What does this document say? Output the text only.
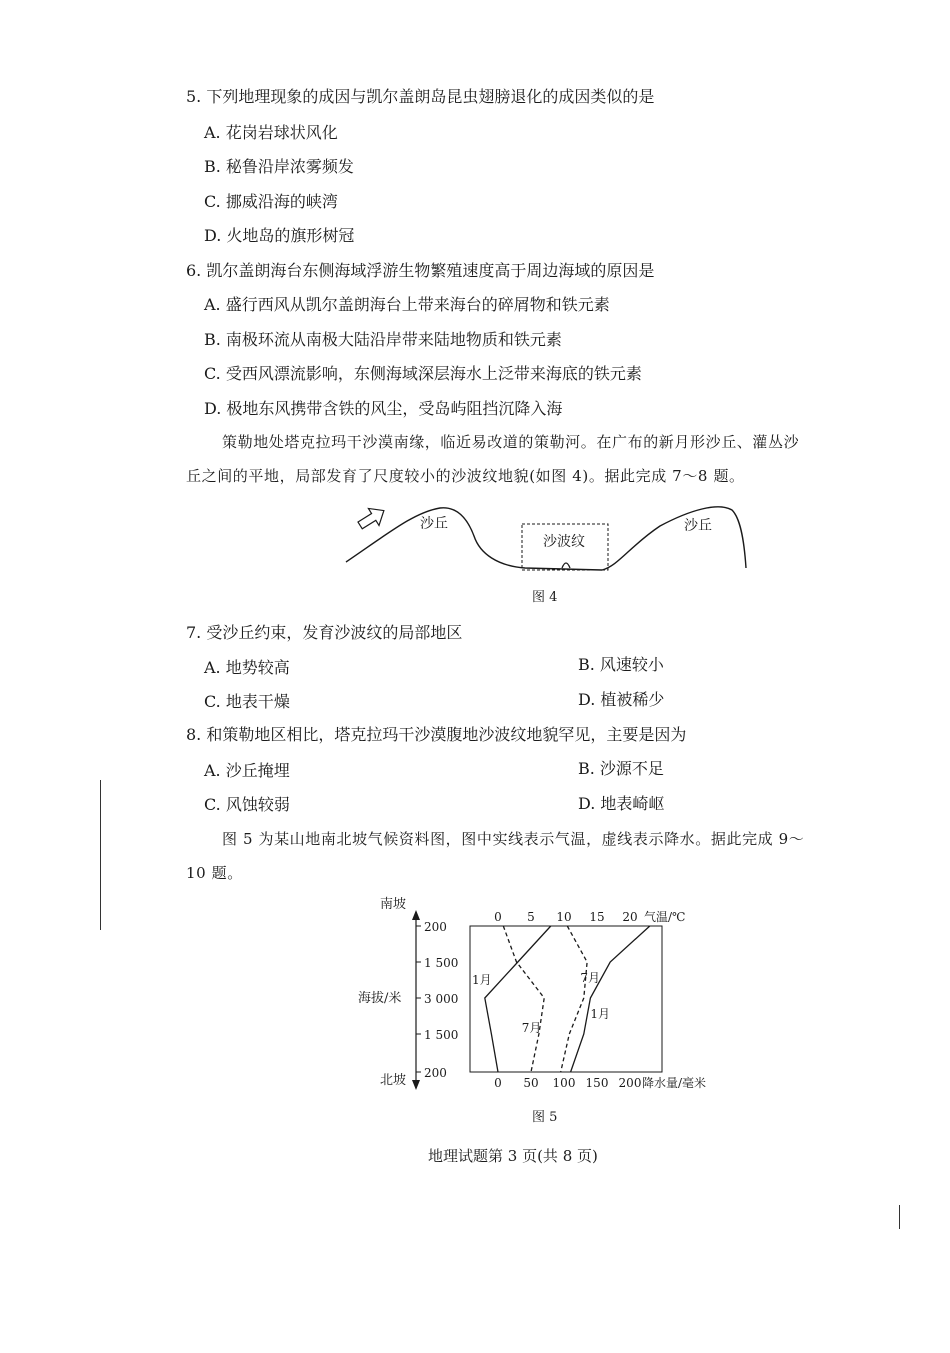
5. 下列地理现象的成因与凯尔盖朗岛昆虫翅膀退化的成因类似的是
A. 花岗岩球状风化
B. 秘鲁沿岸浓雾频发
C. 挪威沿海的峡湾
D. 火地岛的旗形树冠
6. 凯尔盖朗海台东侧海域浮游生物繁殖速度高于周边海域的原因是
A. 盛行西风从凯尔盖朗海台上带来海台的碎屑物和铁元素
B. 南极环流从南极大陆沿岸带来陆地物质和铁元素
C. 受西风漂流影响，东侧海域深层海水上泛带来海底的铁元素
D. 极地东风携带含铁的风尘，受岛屿阻挡沉降入海
策勒地处塔克拉玛干沙漠南缘，临近易改道的策勒河。在广布的新月形沙丘、灌丛沙
丘之间的平地，局部发育了尺度较小的沙波纹地貌(如图 4)。据此完成 7～8 题。
沙丘
沙波纹
沙丘
图 4
7. 受沙丘约束，发育沙波纹的局部地区
A. 地势较高	B. 风速较小
C. 地表干燥	D. 植被稀少
8. 和策勒地区相比，塔克拉玛干沙漠腹地沙波纹地貌罕见，主要是因为
A. 沙丘掩埋	B. 沙源不足
C. 风蚀较弱	D. 地表崎岖
图 5 为某山地南北坡气候资料图，图中实线表示气温，虚线表示降水。据此完成 9～
10 题。
200
1 500
3 000
1 500
200
南坡
北坡
海拔/米
0 5 10 15 20 气温/℃
0 50 100 150 200 降水量/毫米
1月	7月
7月
1月
图 5
地理试题第 3 页(共 8 页)
